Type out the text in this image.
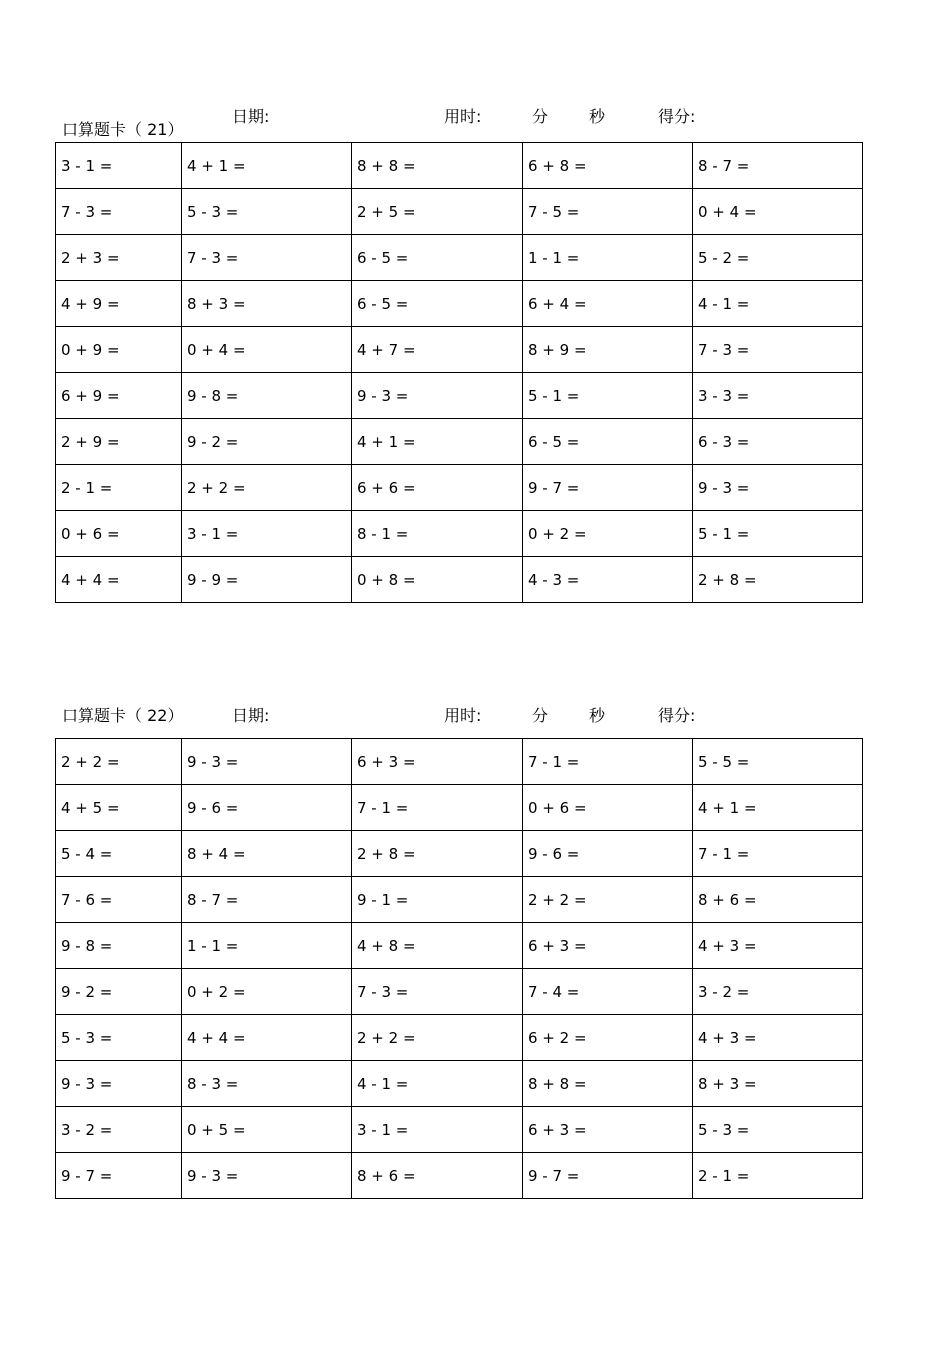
口算题卡（ 21）
日期:	用时:	分	秒	得分:
3 - 1 =	4 + 1 =	8 + 8 =	6 + 8 =	8 - 7 =
7 - 3 =	5 - 3 =	2 + 5 =	7 - 5 =	0 + 4 =
2 + 3 =	7 - 3 =	6 - 5 =	1 - 1 =	5 - 2 =
4 + 9 =	8 + 3 =	6 - 5 =	6 + 4 =	4 - 1 =
0 + 9 =	0 + 4 =	4 + 7 =	8 + 9 =	7 - 3 =
6 + 9 =	9 - 8 =	9 - 3 =	5 - 1 =	3 - 3 =
2 + 9 =	9 - 2 =	4 + 1 =	6 - 5 =	6 - 3 =
2 - 1 =	2 + 2 =	6 + 6 =	9 - 7 =	9 - 3 =
0 + 6 =	3 - 1 =	8 - 1 =	0 + 2 =	5 - 1 =
4 + 4 =	9 - 9 =	0 + 8 =	4 - 3 =	2 + 8 =
口算题卡（ 22）	日期:	用时:	分	秒	得分:
2 + 2 =	9 - 3 =	6 + 3 =	7 - 1 =	5 - 5 =
4 + 5 =	9 - 6 =	7 - 1 =	0 + 6 =	4 + 1 =
5 - 4 =	8 + 4 =	2 + 8 =	9 - 6 =	7 - 1 =
7 - 6 =	8 - 7 =	9 - 1 =	2 + 2 =	8 + 6 =
9 - 8 =	1 - 1 =	4 + 8 =	6 + 3 =	4 + 3 =
9 - 2 =	0 + 2 =	7 - 3 =	7 - 4 =	3 - 2 =
5 - 3 =	4 + 4 =	2 + 2 =	6 + 2 =	4 + 3 =
9 - 3 =	8 - 3 =	4 - 1 =	8 + 8 =	8 + 3 =
3 - 2 =	0 + 5 =	3 - 1 =	6 + 3 =	5 - 3 =
9 - 7 =	9 - 3 =	8 + 6 =	9 - 7 =	2 - 1 =
